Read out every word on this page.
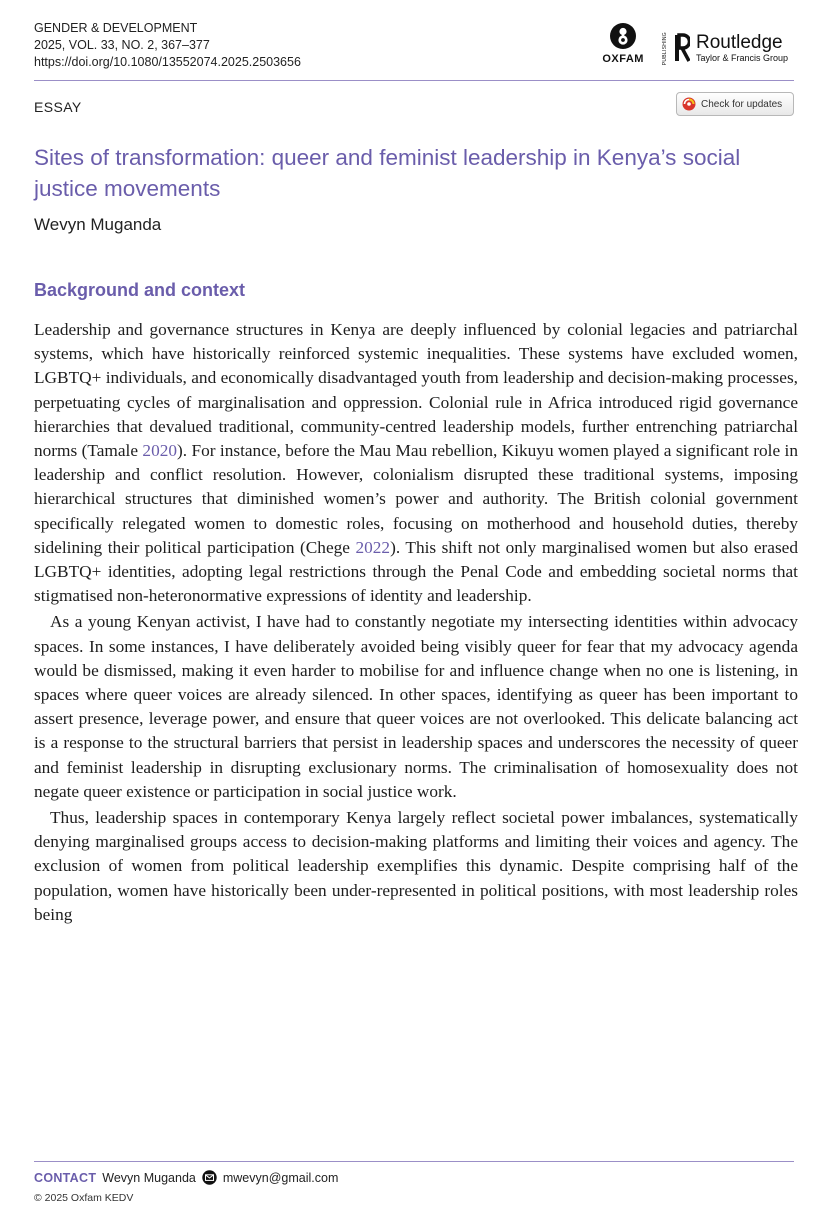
GENDER & DEVELOPMENT
2025, VOL. 33, NO. 2, 367–377
https://doi.org/10.1080/13552074.2025.2503656	OXFAM	PUBLISHING Routledge
Taylor & Francis Group
ESSAY	Check for updates
Sites of transformation: queer and feminist leadership in Kenya’s social justice movements
Wevyn Muganda
Background and context

Leadership and governance structures in Kenya are deeply influenced by colonial legacies and patriarchal systems, which have historically reinforced systemic inequalities. These systems have excluded women, LGBTQ+ individuals, and economically disadvantaged youth from leadership and decision-making processes, perpetuating cycles of marginalisation and oppression. Colonial rule in Africa introduced rigid governance hierarchies that devalued traditional, community-centred leadership models, further entrenching patriarchal norms (Tamale 2020). For instance, before the Mau Mau rebellion, Kikuyu women played a significant role in leadership and conflict resolution. However, colonialism disrupted these traditional systems, imposing hierarchical structures that diminished women’s power and authority. The British colonial government specifically relegated women to domestic roles, focusing on motherhood and household duties, thereby sidelining their political participation (Chege 2022). This shift not only marginalised women but also erased LGBTQ+ identities, adopting legal restrictions through the Penal Code and embedding societal norms that stigmatised non-heteronormative expressions of identity and leadership.

As a young Kenyan activist, I have had to constantly negotiate my intersecting identities within advocacy spaces. In some instances, I have deliberately avoided being visibly queer for fear that my advocacy agenda would be dismissed, making it even harder to mobilise for and influence change when no one is listening, in spaces where queer voices are already silenced. In other spaces, identifying as queer has been important to assert presence, leverage power, and ensure that queer voices are not overlooked. This delicate balancing act is a response to the structural barriers that persist in leadership spaces and underscores the necessity of queer and feminist leadership in disrupting exclusionary norms. The criminalisation of homosexuality does not negate queer existence or participation in social justice work.

Thus, leadership spaces in contemporary Kenya largely reflect societal power imbalances, systematically denying marginalised groups access to decision-making platforms and limiting their voices and agency. The exclusion of women from political leadership exemplifies this dynamic. Despite comprising half of the population, women have historically been under-represented in political positions, with most leadership roles being

CONTACT Wevyn Muganda mwevyn@gmail.com
© 2025 Oxfam KEDV
